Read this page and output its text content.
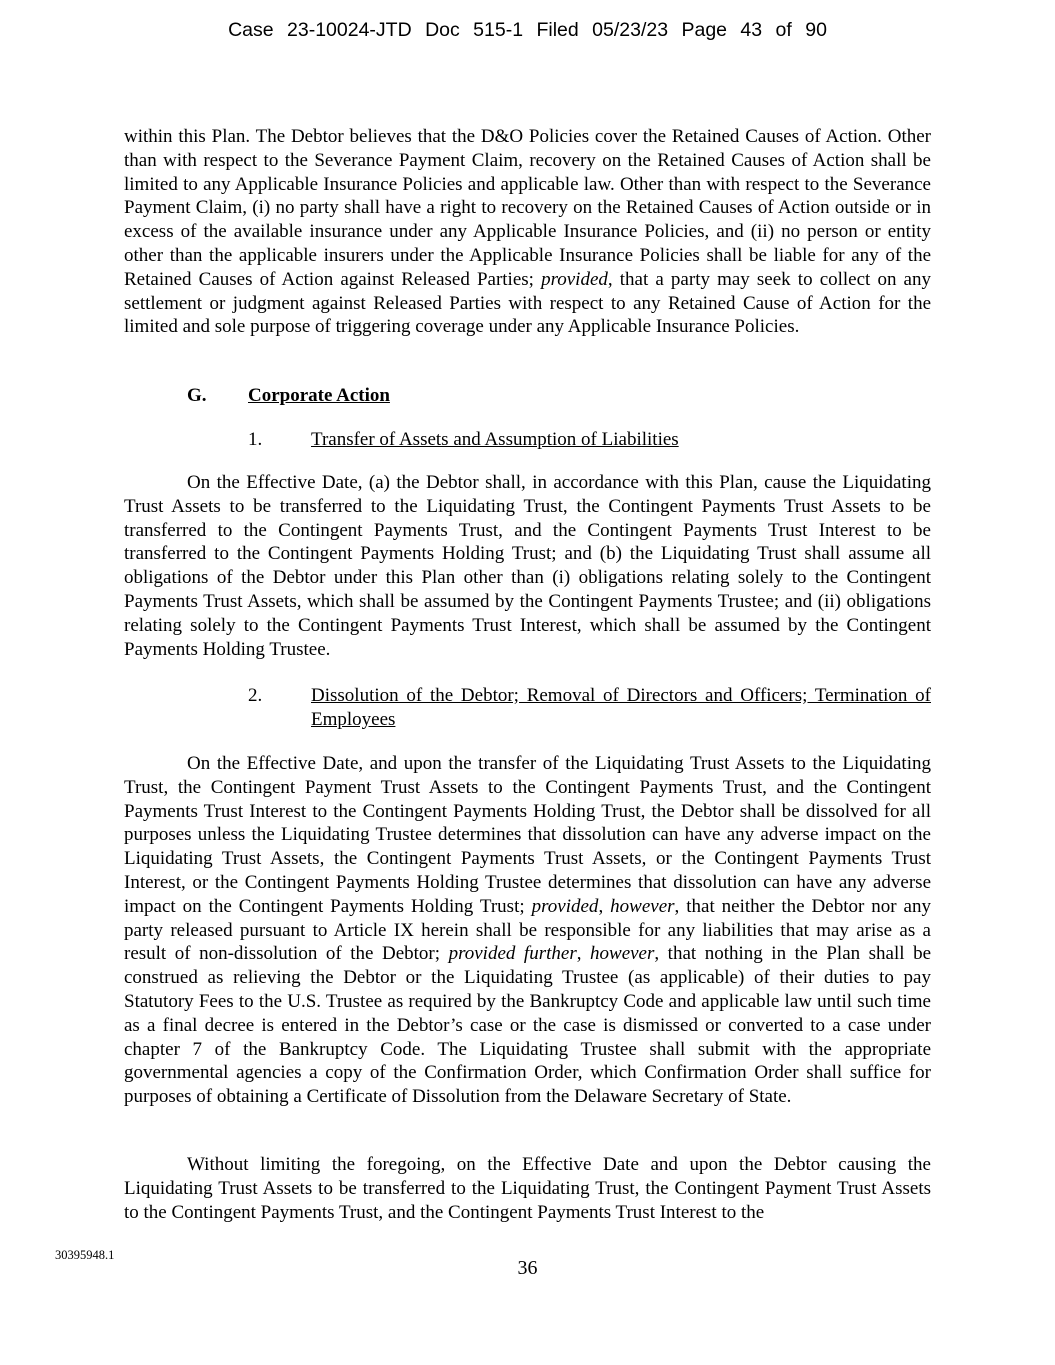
Case 23-10024-JTD Doc 515-1 Filed 05/23/23 Page 43 of 90
within this Plan. The Debtor believes that the D&O Policies cover the Retained Causes of Action. Other than with respect to the Severance Payment Claim, recovery on the Retained Causes of Action shall be limited to any Applicable Insurance Policies and applicable law. Other than with respect to the Severance Payment Claim, (i) no party shall have a right to recovery on the Retained Causes of Action outside or in excess of the available insurance under any Applicable Insurance Policies, and (ii) no person or entity other than the applicable insurers under the Applicable Insurance Policies shall be liable for any of the Retained Causes of Action against Released Parties; provided, that a party may seek to collect on any settlement or judgment against Released Parties with respect to any Retained Cause of Action for the limited and sole purpose of triggering coverage under any Applicable Insurance Policies.
G. Corporate Action
1.	Transfer of Assets and Assumption of Liabilities
On the Effective Date, (a) the Debtor shall, in accordance with this Plan, cause the Liquidating Trust Assets to be transferred to the Liquidating Trust, the Contingent Payments Trust Assets to be transferred to the Contingent Payments Trust, and the Contingent Payments Trust Interest to be transferred to the Contingent Payments Holding Trust; and (b) the Liquidating Trust shall assume all obligations of the Debtor under this Plan other than (i) obligations relating solely to the Contingent Payments Trust Assets, which shall be assumed by the Contingent Payments Trustee; and (ii) obligations relating solely to the Contingent Payments Trust Interest, which shall be assumed by the Contingent Payments Holding Trustee.
2.	Dissolution of the Debtor; Removal of Directors and Officers; Termination of Employees
On the Effective Date, and upon the transfer of the Liquidating Trust Assets to the Liquidating Trust, the Contingent Payment Trust Assets to the Contingent Payments Trust, and the Contingent Payments Trust Interest to the Contingent Payments Holding Trust, the Debtor shall be dissolved for all purposes unless the Liquidating Trustee determines that dissolution can have any adverse impact on the Liquidating Trust Assets, the Contingent Payments Trust Assets, or the Contingent Payments Trust Interest, or the Contingent Payments Holding Trustee determines that dissolution can have any adverse impact on the Contingent Payments Holding Trust; provided, however, that neither the Debtor nor any party released pursuant to Article IX herein shall be responsible for any liabilities that may arise as a result of non-dissolution of the Debtor; provided further, however, that nothing in the Plan shall be construed as relieving the Debtor or the Liquidating Trustee (as applicable) of their duties to pay Statutory Fees to the U.S. Trustee as required by the Bankruptcy Code and applicable law until such time as a final decree is entered in the Debtor’s case or the case is dismissed or converted to a case under chapter 7 of the Bankruptcy Code. The Liquidating Trustee shall submit with the appropriate governmental agencies a copy of the Confirmation Order, which Confirmation Order shall suffice for purposes of obtaining a Certificate of Dissolution from the Delaware Secretary of State.
Without limiting the foregoing, on the Effective Date and upon the Debtor causing the Liquidating Trust Assets to be transferred to the Liquidating Trust, the Contingent Payment Trust Assets to the Contingent Payments Trust, and the Contingent Payments Trust Interest to the
30395948.1
36
